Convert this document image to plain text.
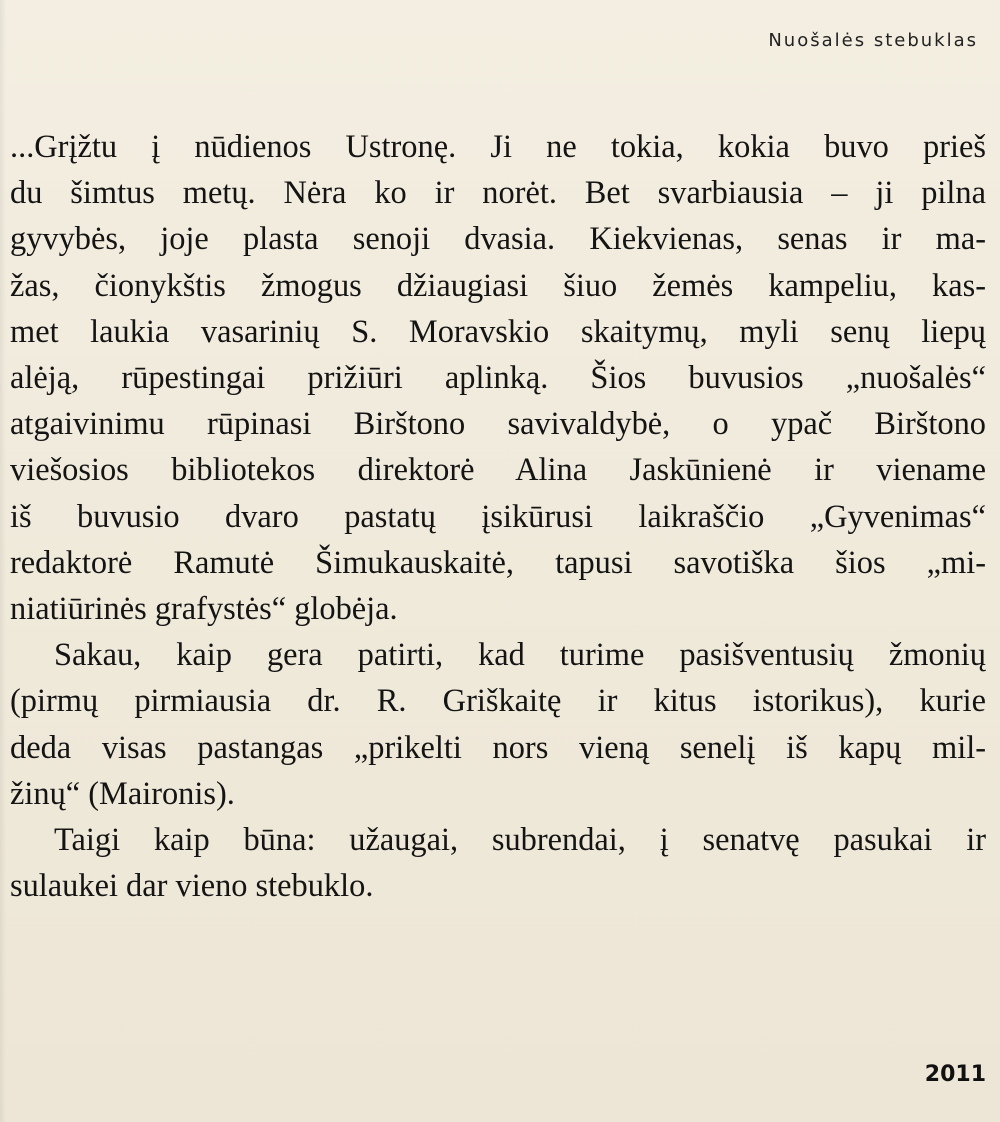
Nuošalės stebuklas

...Grįžtu į nūdienos Ustronę. Ji ne tokia, kokia buvo prieš
du šimtus metų. Nėra ko ir norėt. Bet svarbiausia – ji pilna
gyvybės, joje plasta senoji dvasia. Kiekvienas, senas ir ma-
žas, čionykštis žmogus džiaugiasi šiuo žemės kampeliu, kas-
met laukia vasarinių S. Moravskio skaitymų, myli senų liepų
alėją, rūpestingai prižiūri aplinką. Šios buvusios „nuošalės“
atgaivinimu rūpinasi Birštono savivaldybė, o ypač Birštono
viešosios bibliotekos direktorė Alina Jaskūnienė ir viename
iš buvusio dvaro pastatų įsikūrusi laikraščio „Gyvenimas“
redaktorė Ramutė Šimukauskaitė, tapusi savotiška šios „mi-
niatiūrinės grafystės“ globėja.

Sakau, kaip gera patirti, kad turime pasišventusių žmonių
(pirmų pirmiausia dr. R. Griškaitę ir kitus istorikus), kurie
deda visas pastangas „prikelti nors vieną senelį iš kapų mil-
žinų“ (Maironis).

Taigi kaip būna: užaugai, subrendai, į senatvę pasukai ir
sulaukei dar vieno stebuklo.

2011
